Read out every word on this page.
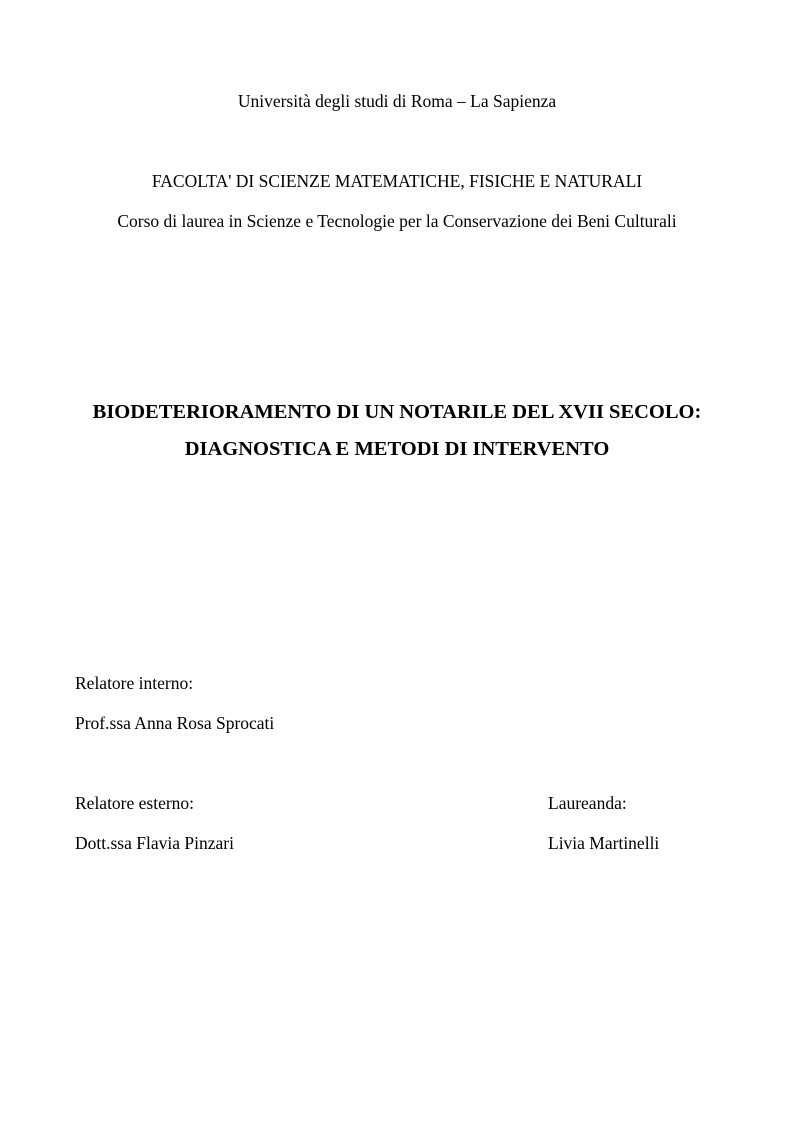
Università degli studi di Roma – La Sapienza
FACOLTA' DI SCIENZE MATEMATICHE, FISICHE E NATURALI
Corso di laurea in Scienze e Tecnologie per la Conservazione dei Beni Culturali
BIODETERIORAMENTO DI UN NOTARILE DEL XVII SECOLO:
DIAGNOSTICA E METODI DI INTERVENTO
Relatore interno:
Prof.ssa Anna Rosa Sprocati
Relatore esterno:
Dott.ssa Flavia Pinzari
Laureanda:
Livia Martinelli
